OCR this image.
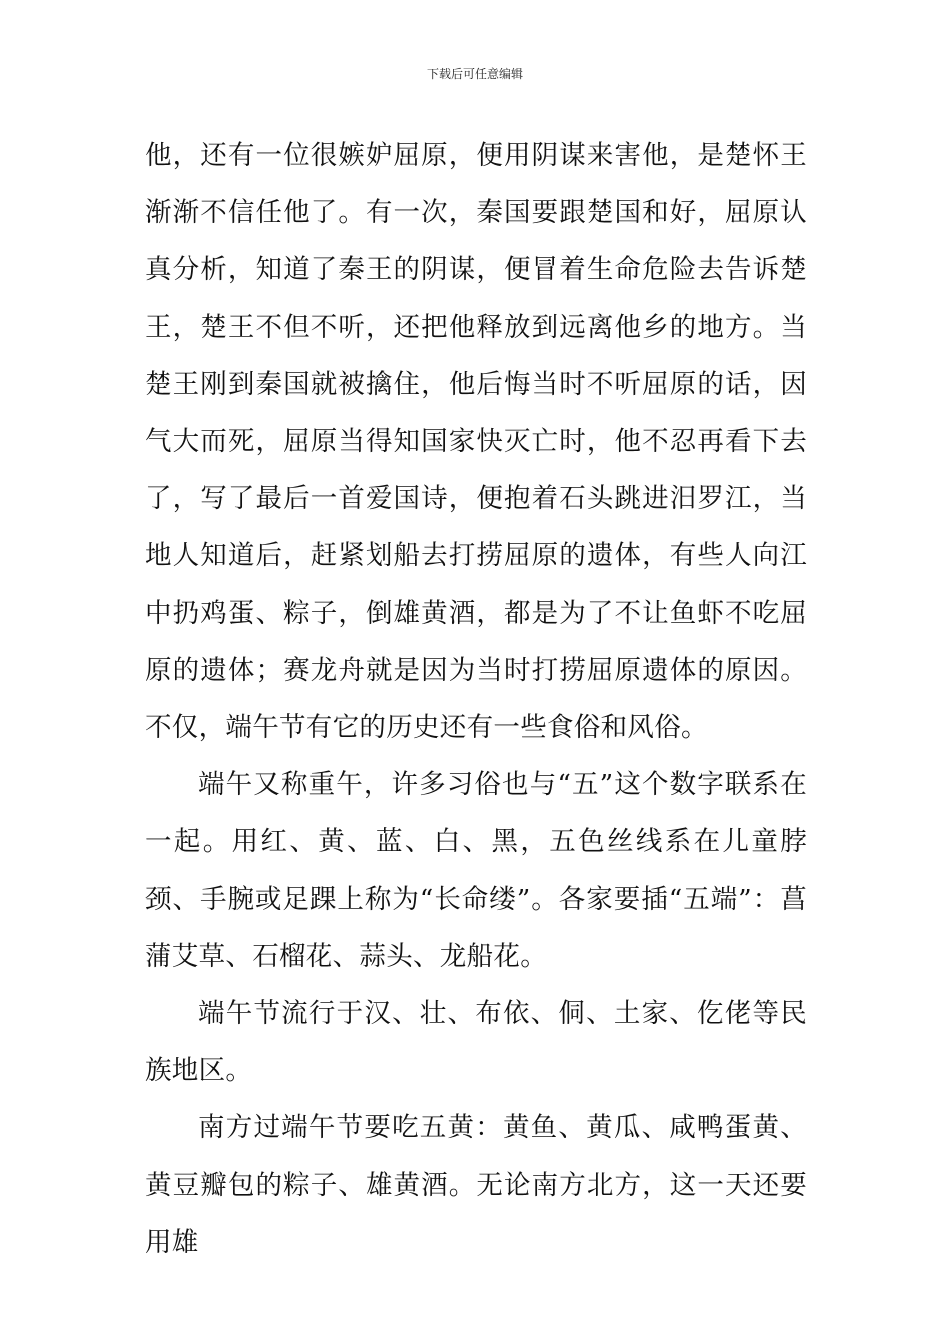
下载后可任意编辑

他，还有一位很嫉妒屈原，便用阴谋来害他，是楚怀王渐渐不信任他了。有一次，秦国要跟楚国和好，屈原认真分析，知道了秦王的阴谋，便冒着生命危险去告诉楚王，楚王不但不听，还把他释放到远离他乡的地方。当楚王刚到秦国就被擒住，他后悔当时不听屈原的话，因气大而死，屈原当得知国家快灭亡时，他不忍再看下去了，写了最后一首爱国诗，便抱着石头跳进汨罗江，当地人知道后，赶紧划船去打捞屈原的遗体，有些人向江中扔鸡蛋、粽子，倒雄黄酒，都是为了不让鱼虾不吃屈原的遗体；赛龙舟就是因为当时打捞屈原遗体的原因。不仅，端午节有它的历史还有一些食俗和风俗。

端午又称重午，许多习俗也与“五”这个数字联系在一起。用红、黄、蓝、白、黑，五色丝线系在儿童脖颈、手腕或足踝上称为“长命缕”。各家要插“五端”：菖蒲艾草、石榴花、蒜头、龙船花。

端午节流行于汉、壮、布依、侗、土家、仡佬等民族地区。

南方过端午节要吃五黄：黄鱼、黄瓜、咸鸭蛋黄、黄豆瓣包的粽子、雄黄酒。无论南方北方，这一天还要用雄
